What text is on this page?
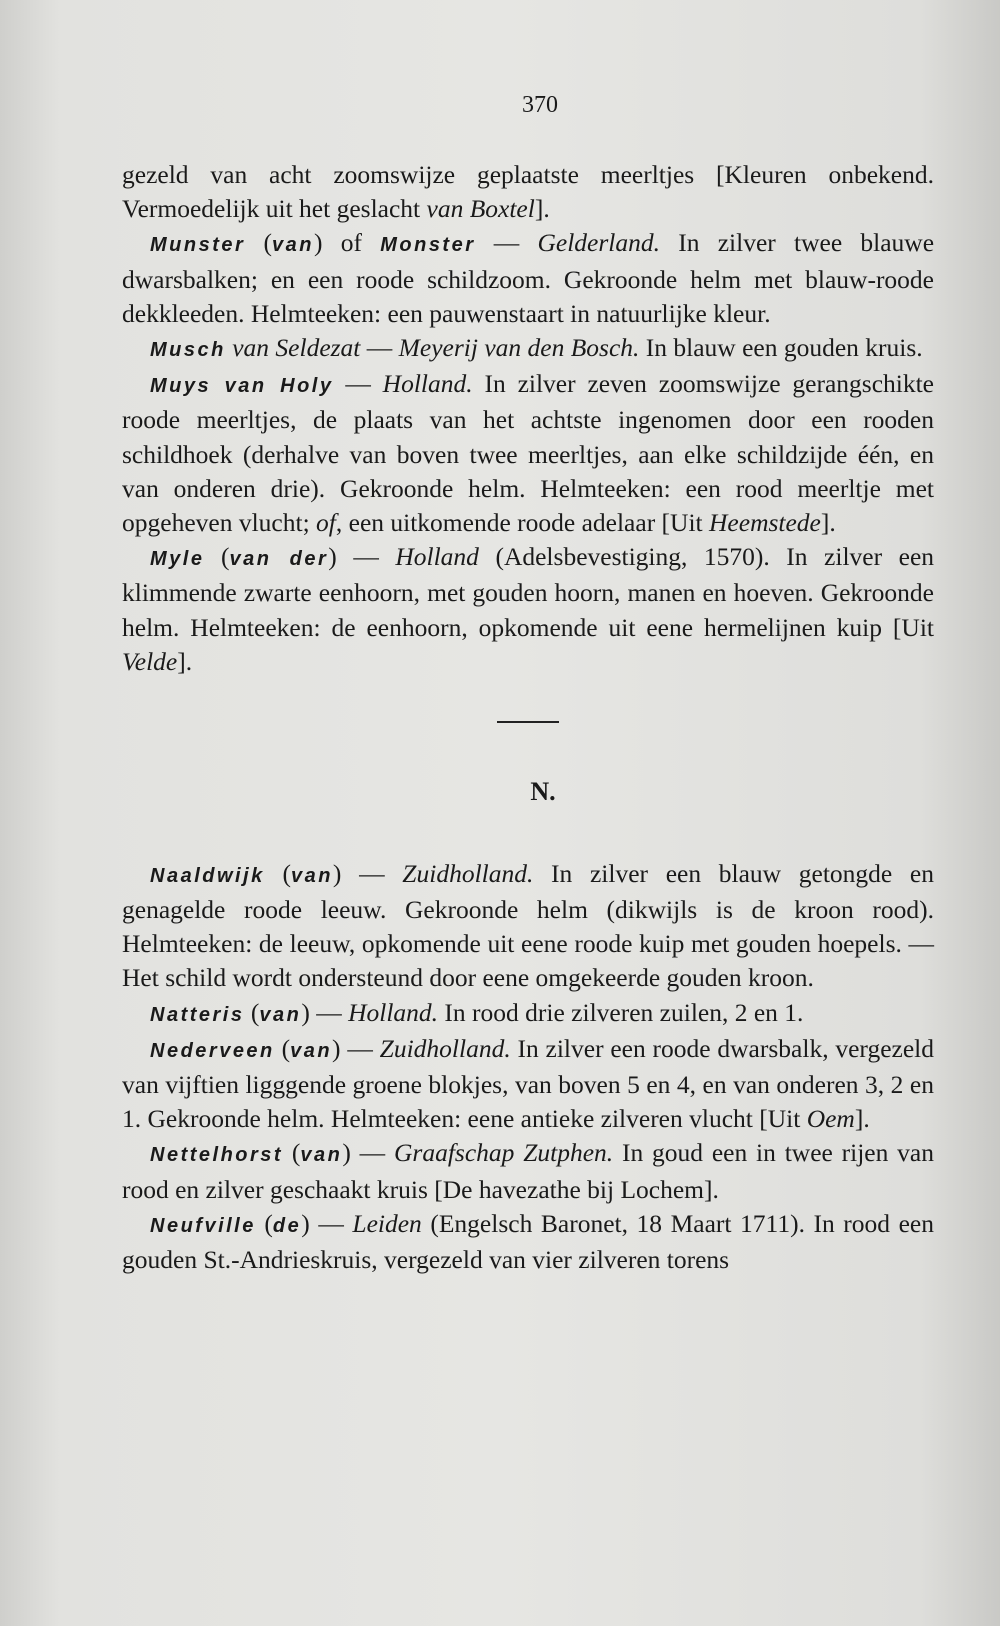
370

gezeld van acht zoomswijze geplaatste meerltjes [Kleuren onbekend. Vermoedelijk uit het geslacht van Boxtel].

Munster (van) of Monster — Gelderland. In zilver twee blauwe dwarsbalken; en een roode schildzoom. Gekroonde helm met blauw-roode dekkleeden. Helmteeken: een pauwenstaart in natuurlijke kleur.

Musch van Seldezat — Meyerij van den Bosch. In blauw een gouden kruis.

Muys van Holy — Holland. In zilver zeven zoomswijze gerangschikte roode meerltjes, de plaats van het achtste ingenomen door een rooden schildhoek (derhalve van boven twee meerltjes, aan elke schildzijde één, en van onderen drie). Gekroonde helm. Helmteeken: een rood meerltje met opgeheven vlucht; of, een uitkomende roode adelaar [Uit Heemstede].

Myle (van der) — Holland (Adelsbevestiging, 1570). In zilver een klimmende zwarte eenhoorn, met gouden hoorn, manen en hoeven. Gekroonde helm. Helmteeken: de eenhoorn, opkomende uit eene hermelijnen kuip [Uit Velde].

N.

Naaldwijk (van) — Zuidholland. In zilver een blauw getongde en genagelde roode leeuw. Gekroonde helm (dikwijls is de kroon rood). Helmteeken: de leeuw, opkomende uit eene roode kuip met gouden hoepels. — Het schild wordt ondersteund door eene omgekeerde gouden kroon.

Natteris (van) — Holland. In rood drie zilveren zuilen, 2 en 1.

Nederveen (van) — Zuidholland. In zilver een roode dwarsbalk, vergezeld van vijftien ligggende groene blokjes, van boven 5 en 4, en van onderen 3, 2 en 1. Gekroonde helm. Helmteeken: eene antieke zilveren vlucht [Uit Oem].

Nettelhorst (van) — Graafschap Zutphen. In goud een in twee rijen van rood en zilver geschaakt kruis [De havezathe bij Lochem].

Neufville (de) — Leiden (Engelsch Baronet, 18 Maart 1711). In rood een gouden St.-Andrieskruis, vergezeld van vier zilveren torens
